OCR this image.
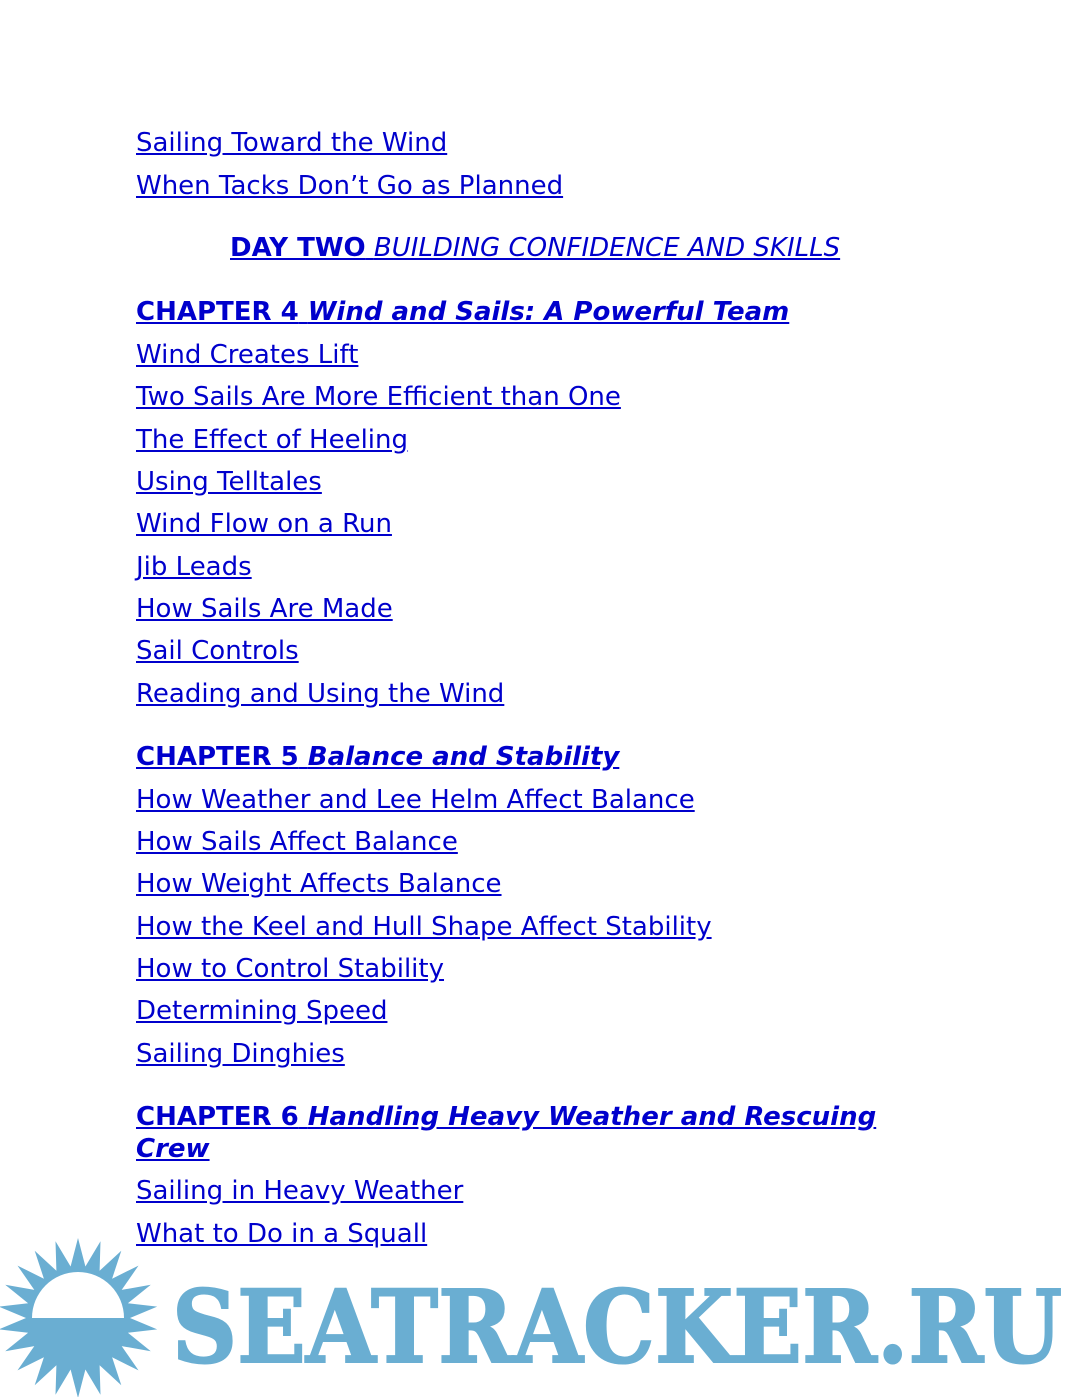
Sailing Toward the Wind
When Tacks Don’t Go as Planned
DAY TWO BUILDING CONFIDENCE AND SKILLS
CHAPTER 4 Wind and Sails: A Powerful Team
Wind Creates Lift
Two Sails Are More Efficient than One
The Effect of Heeling
Using Telltales
Wind Flow on a Run
Jib Leads
How Sails Are Made
Sail Controls
Reading and Using the Wind
CHAPTER 5 Balance and Stability
How Weather and Lee Helm Affect Balance
How Sails Affect Balance
How Weight Affects Balance
How the Keel and Hull Shape Affect Stability
How to Control Stability
Determining Speed
Sailing Dinghies
CHAPTER 6 Handling Heavy Weather and Rescuing Crew
Sailing in Heavy Weather
What to Do in a Squall
SEATRACKER.RU
